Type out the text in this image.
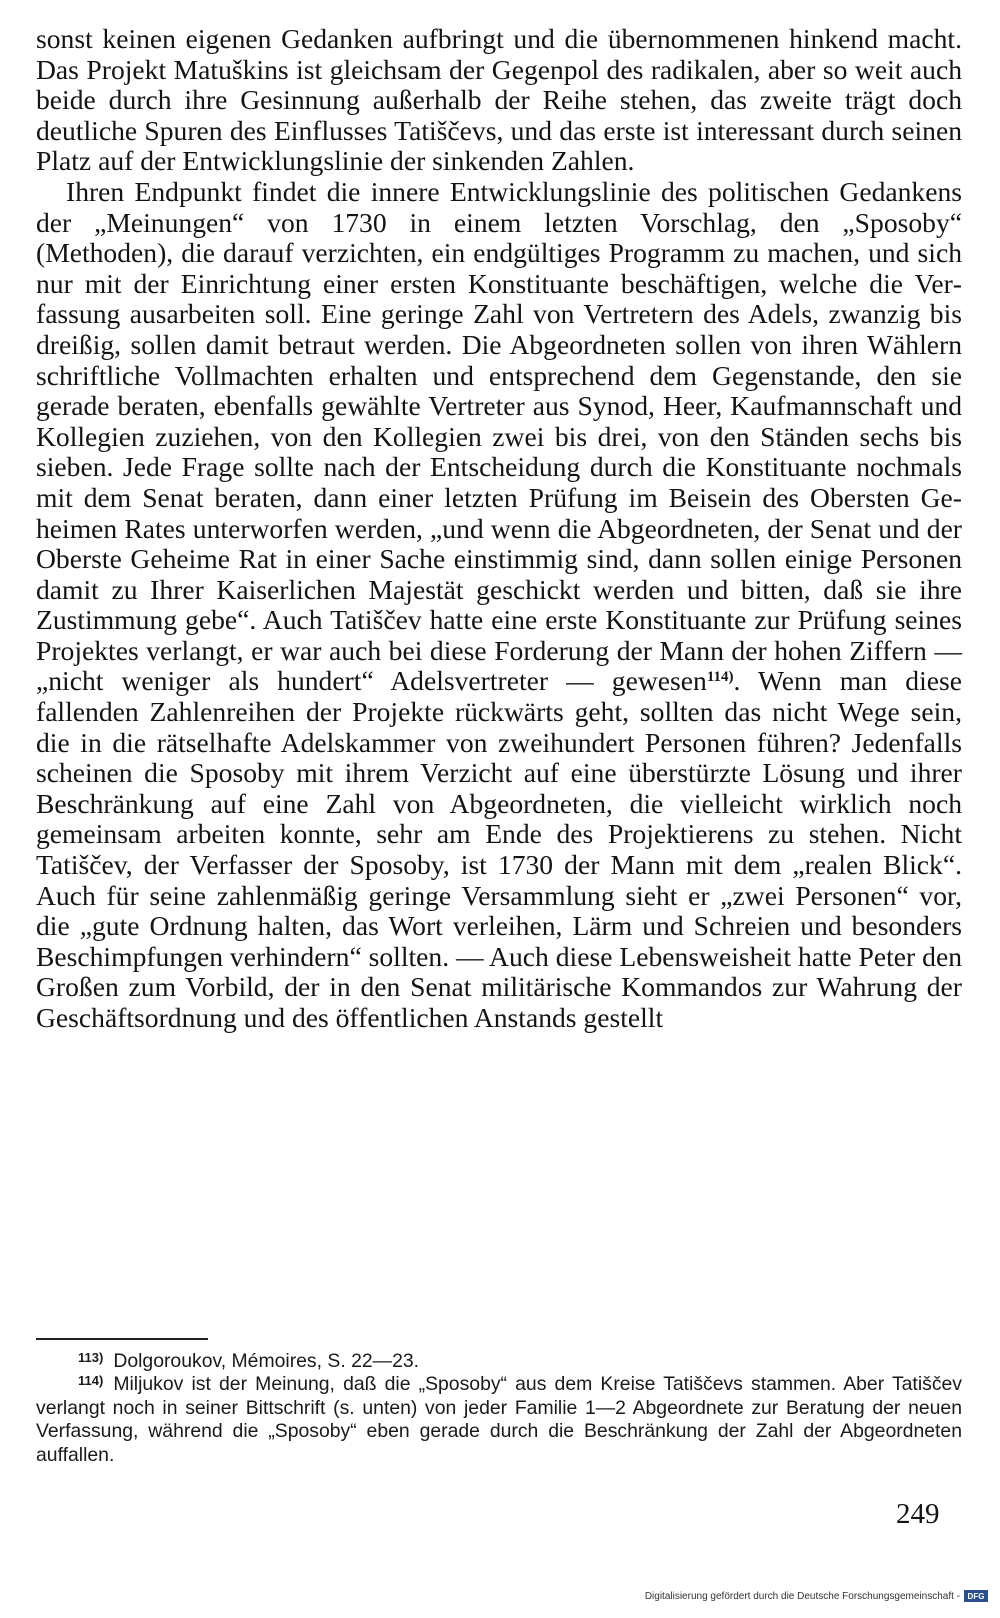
sonst keinen eigenen Gedanken aufbringt und die übernommenen hinkend macht. Das Projekt Matuškins ist gleichsam der Gegenpol des radikalen, aber so weit auch beide durch ihre Gesinnung außerhalb der Reihe stehen, das zweite trägt doch deutliche Spuren des Einflusses Tatiščevs, und das erste ist interessant durch seinen Platz auf der Entwicklungslinie der sinkenden Zahlen.

Ihren Endpunkt findet die innere Entwicklungslinie des politischen Gedankens der „Meinungen“ von 1730 in einem letzten Vorschlag, den „Sposoby“ (Methoden), die darauf verzichten, ein endgültiges Programm zu machen, und sich nur mit der Einrichtung einer ersten Konstituante beschäftigen, welche die Verfassung ausarbeiten soll. Eine geringe Zahl von Vertretern des Adels, zwanzig bis dreißig, sollen damit betraut werden. Die Abgeordneten sollen von ihren Wählern schriftliche Vollmachten erhalten und entsprechend dem Gegenstande, den sie gerade beraten, ebenfalls gewählte Vertreter aus Synod, Heer, Kaufmannschaft und Kollegien zuziehen, von den Kollegien zwei bis drei, von den Ständen sechs bis sieben. Jede Frage sollte nach der Entscheidung durch die Konstituante nochmals mit dem Senat beraten, dann einer letzten Prüfung im Beisein des Obersten Geheimen Rates unterworfen werden, „und wenn die Abgeordneten, der Senat und der Oberste Geheime Rat in einer Sache einstimmig sind, dann sollen einige Personen damit zu Ihrer Kaiserlichen Majestät geschickt werden und bitten, daß sie ihre Zustimmung gebe“. Auch Tatiščev hatte eine erste Konstituante zur Prüfung seines Projektes verlangt, er war auch bei diese Forderung der Mann der hohen Ziffern — „nicht weniger als hundert“ Adelsvertreter — gewesen$^{114)}$. Wenn man diese fallenden Zahlenreihen der Projekte rückwärts geht, sollten das nicht Wege sein, die in die rätselhafte Adelskammer von zweihundert Personen führen? Jedenfalls scheinen die Sposoby mit ihrem Verzicht auf eine überstürzte Lösung und ihrer Beschränkung auf eine Zahl von Abgeordneten, die vielleicht wirklich noch gemeinsam arbeiten konnte, sehr am Ende des Projektierens zu stehen. Nicht Tatiščev, der Verfasser der Sposoby, ist 1730 der Mann mit dem „realen Blick“. Auch für seine zahlenmäßig geringe Versammlung sieht er „zwei Personen“ vor, die „gute Ordnung halten, das Wort verleihen, Lärm und Schreien und besonders Beschimpfungen verhindern“ sollten. — Auch diese Lebensweisheit hatte Peter den Großen zum Vorbild, der in den Senat militärische Kommandos zur Wahrung der Geschäftsordnung und des öffentlichen Anstands gestellt

113) Dolgoroukov, Mémoires, S. 22—23.

114) Miljukov ist der Meinung, daß die „Sposoby“ aus dem Kreise Tatiščevs stammen. Aber Tatiščev verlangt noch in seiner Bittschrift (s. unten) von jeder Familie 1—2 Abgeordnete zur Beratung der neuen Verfassung, während die „Sposoby“ eben gerade durch die Beschränkung der Zahl der Abgeordneten auffallen.

249
Digitalisierung gefördert durch die Deutsche Forschungsgemeinschaft - DFG
